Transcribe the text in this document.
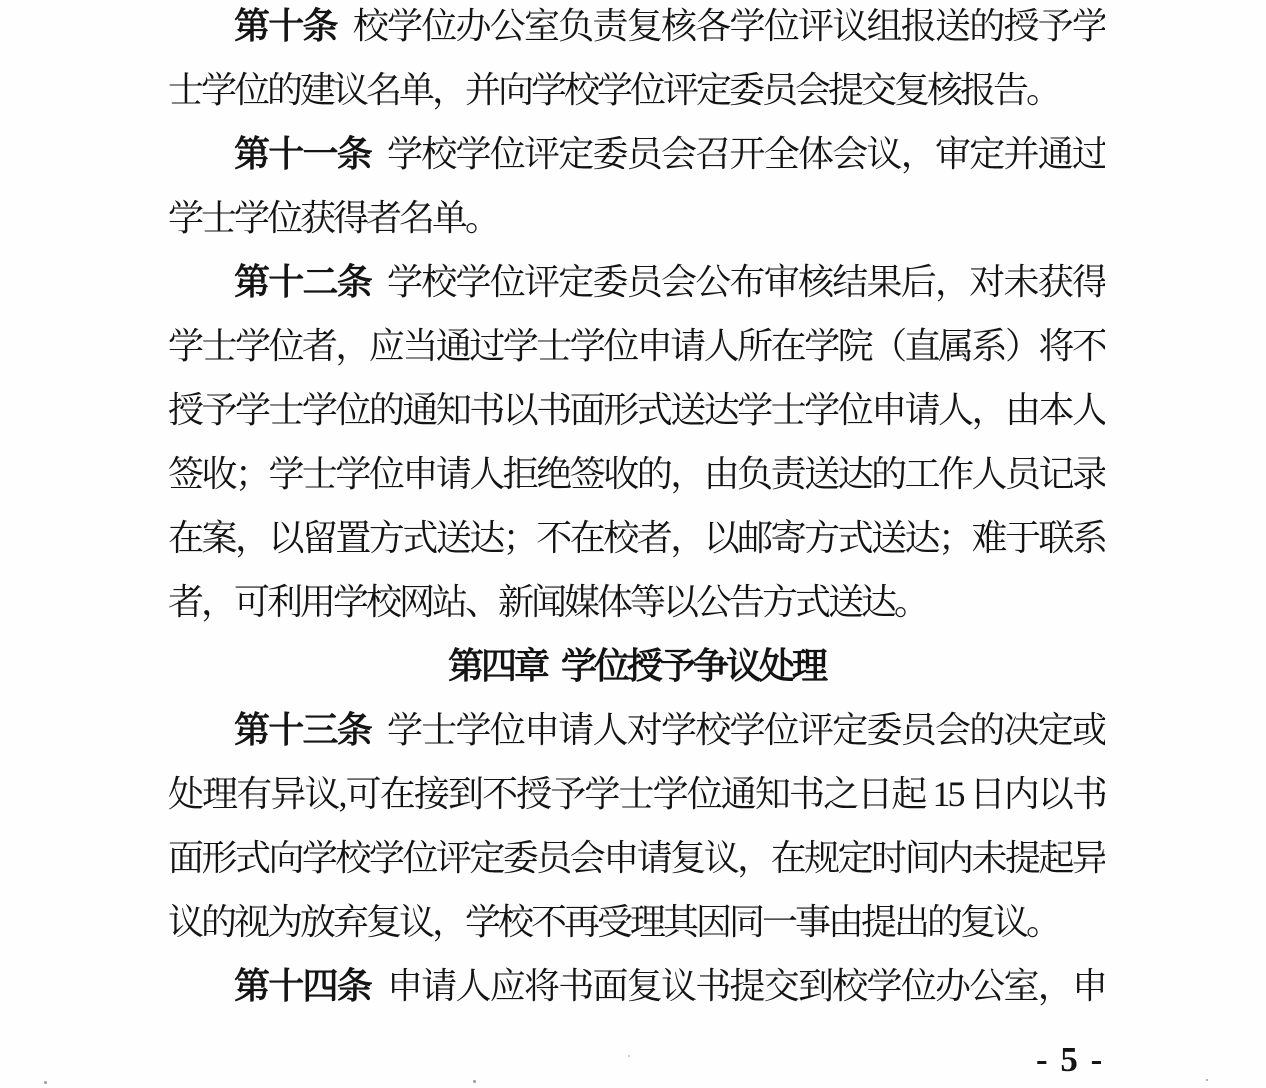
第十条 校学位办公室负责复核各学位评议组报送的授予学
士学位的建议名单，并向学校学位评定委员会提交复核报告。
第十一条 学校学位评定委员会召开全体会议，审定并通过
学士学位获得者名单。
第十二条 学校学位评定委员会公布审核结果后，对未获得
学士学位者，应当通过学士学位申请人所在学院（直属系）将不
授予学士学位的通知书以书面形式送达学士学位申请人，由本人
签收；学士学位申请人拒绝签收的，由负责送达的工作人员记录
在案，以留置方式送达；不在校者，以邮寄方式送达；难于联系
者，可利用学校网站、新闻媒体等以公告方式送达。
第四章 学位授予争议处理
第十三条 学士学位申请人对学校学位评定委员会的决定或
处理有异议,可在接到不授予学士学位通知书之日起 15 日内以书
面形式向学校学位评定委员会申请复议，在规定时间内未提起异
议的视为放弃复议，学校不再受理其因同一事由提出的复议。
第十四条 申请人应将书面复议书提交到校学位办公室，申
- 5 -
